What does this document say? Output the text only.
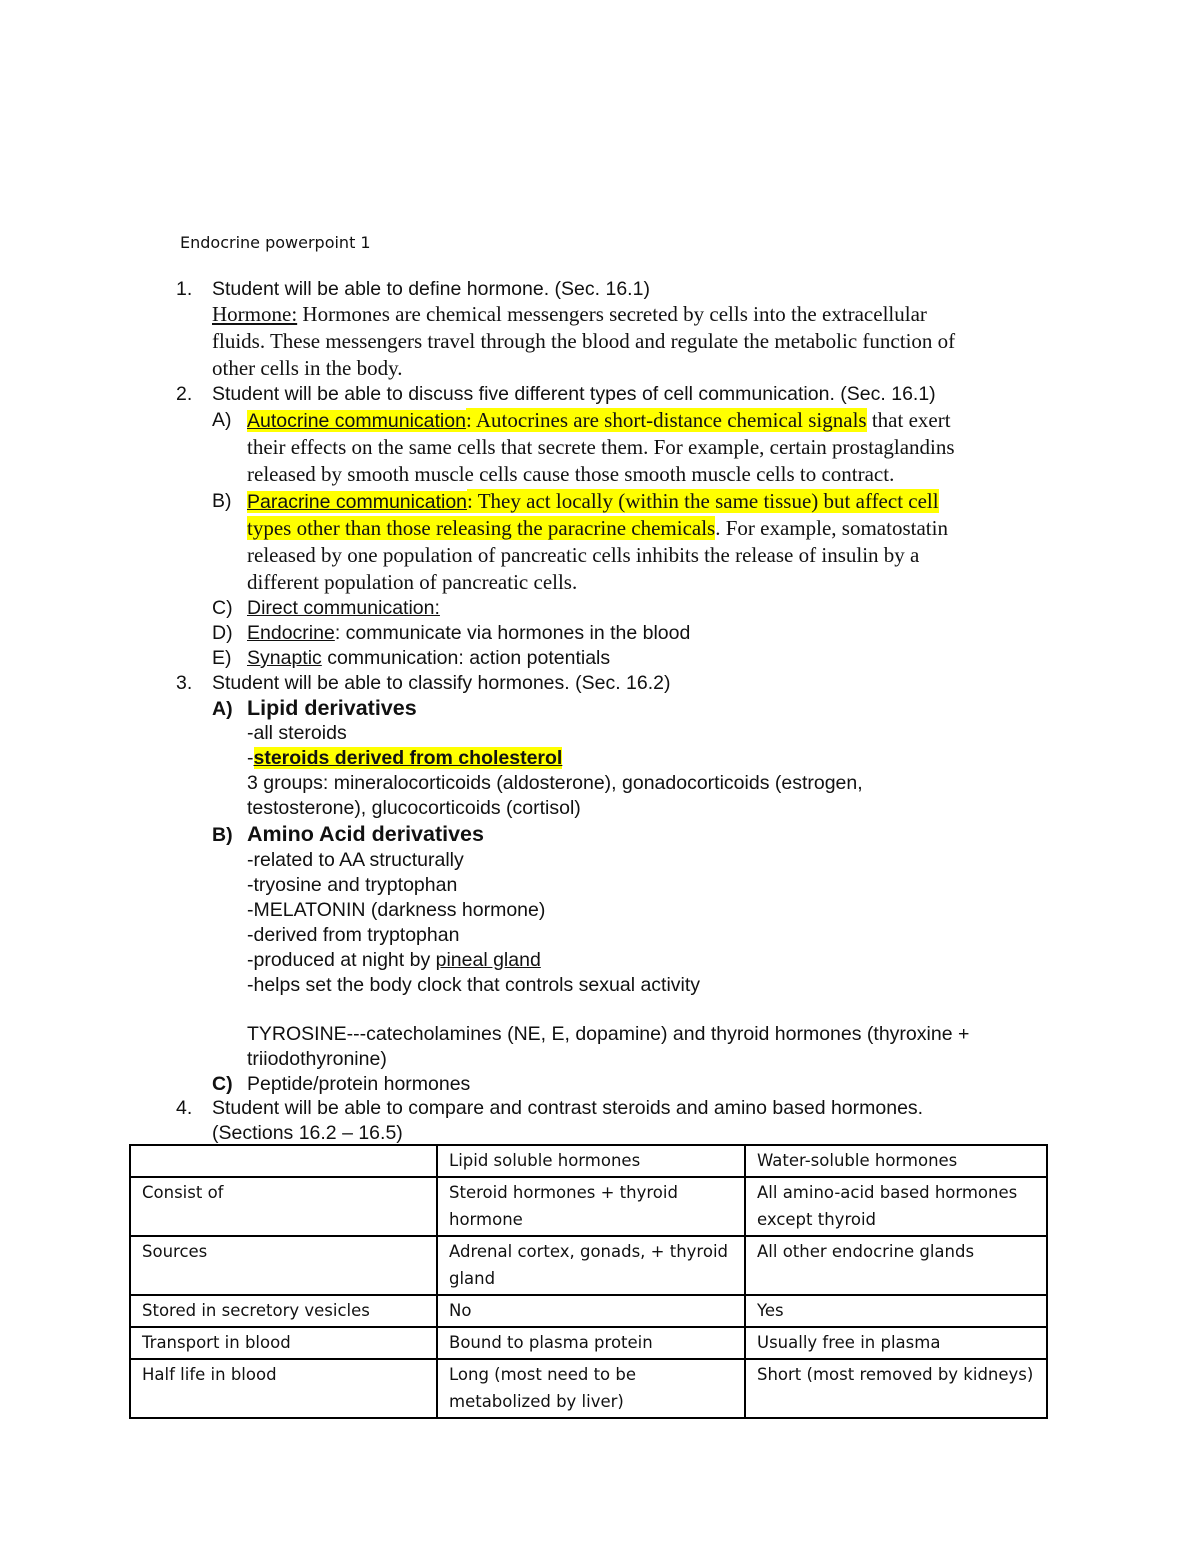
Endocrine powerpoint 1
1. Student will be able to define hormone. (Sec. 16.1)
Hormone: Hormones are chemical messengers secreted by cells into the extracellular
fluids. These messengers travel through the blood and regulate the metabolic function of
other cells in the body.
2. Student will be able to discuss five different types of cell communication. (Sec. 16.1)
A) Autocrine communication: Autocrines are short-distance chemical signals that exert
their effects on the same cells that secrete them. For example, certain prostaglandins
released by smooth muscle cells cause those smooth muscle cells to contract.
B) Paracrine communication: They act locally (within the same tissue) but affect cell
types other than those releasing the paracrine chemicals. For example, somatostatin
released by one population of pancreatic cells inhibits the release of insulin by a
different population of pancreatic cells.
C) Direct communication:
D) Endocrine: communicate via hormones in the blood
E) Synaptic communication: action potentials
3. Student will be able to classify hormones. (Sec. 16.2)
A) Lipid derivatives
-all steroids
-steroids derived from cholesterol
3 groups: mineralocorticoids (aldosterone), gonadocorticoids (estrogen,
testosterone), glucocorticoids (cortisol)
B) Amino Acid derivatives
-related to AA structurally
-tryosine and tryptophan
-MELATONIN (darkness hormone)
-derived from tryptophan
-produced at night by pineal gland
-helps set the body clock that controls sexual activity
TYROSINE---catecholamines (NE, E, dopamine) and thyroid hormones (thyroxine +
triiodothyronine)
C) Peptide/protein hormones
4. Student will be able to compare and contrast steroids and amino based hormones.
(Sections 16.2 – 16.5)
	Lipid soluble hormones	Water-soluble hormones
Consist of	Steroid hormones + thyroid hormone	All amino-acid based hormones except thyroid
Sources	Adrenal cortex, gonads, + thyroid gland	All other endocrine glands
Stored in secretory vesicles	No	Yes
Transport in blood	Bound to plasma protein	Usually free in plasma
Half life in blood	Long (most need to be metabolized by liver)	Short (most removed by kidneys)
